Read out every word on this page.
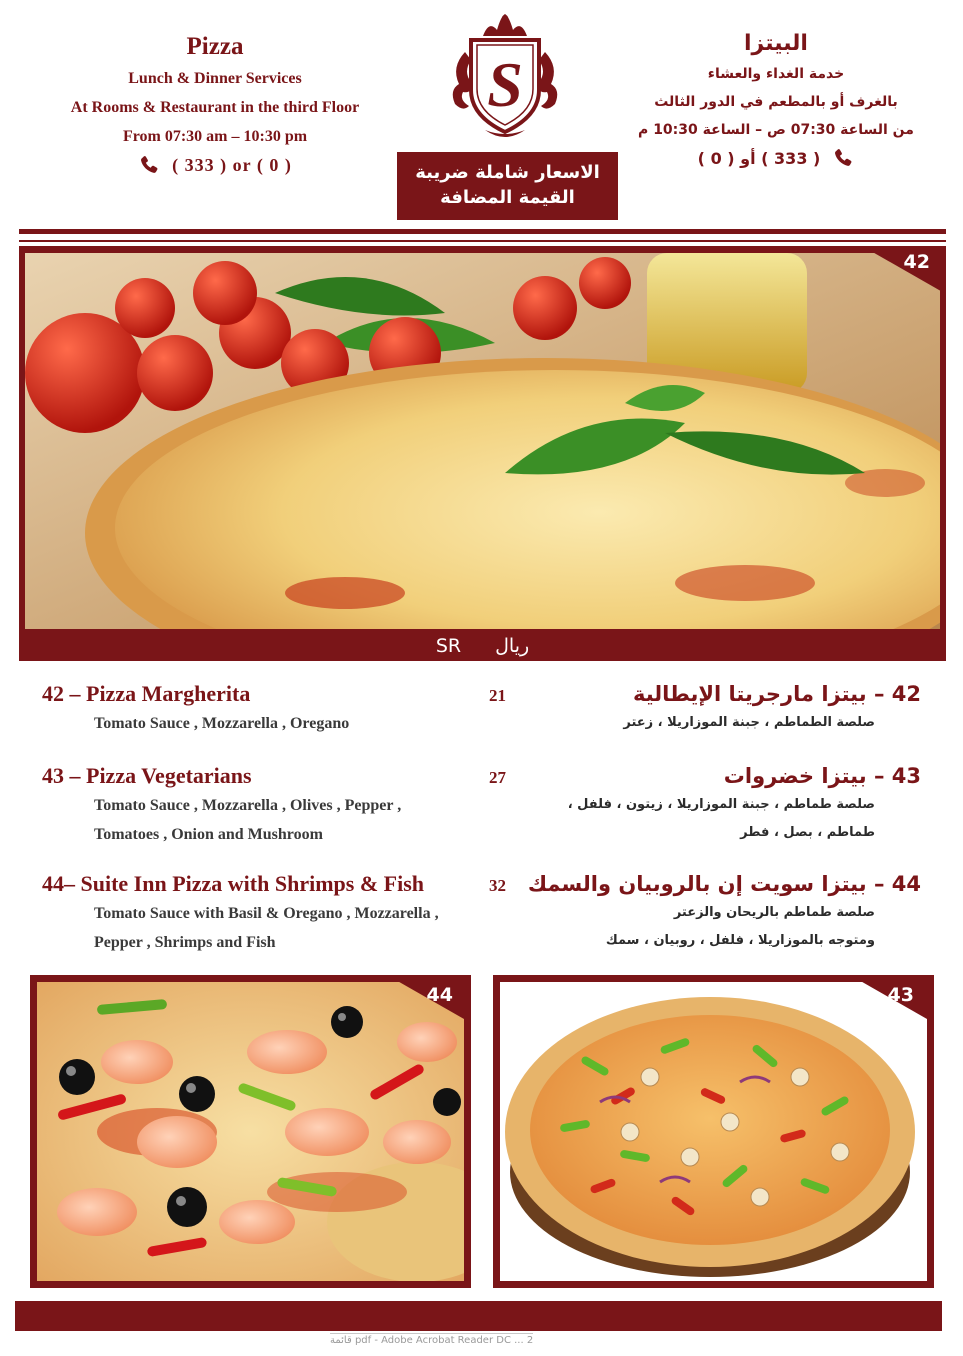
Pizza
Lunch & Dinner Services
At Rooms & Restaurant in the third Floor
From 07:30 am – 10:30 pm
( 333 ) or ( 0 )
S
الاسعار شاملة ضريبة
القيمة المضافة
البيتزا
خدمة الغداء والعشاء
بالغرف أو بالمطعم في الدور الثالث
من الساعة 07:30 ص – الساعة 10:30 م
( 333 ) أو ( 0 )
42
SR ريال
42 – Pizza Margherita
Tomato Sauce , Mozzarella , Oregano
21	42 – بيتزا مارجريتا الإيطالية
صلصة الطماطم ، جبنة الموزاريلا ، زعتر
43 – Pizza Vegetarians
Tomato Sauce , Mozzarella , Olives , Pepper ,
Tomatoes , Onion and Mushroom
27	43 – بيتزا خضروات
صلصة طماطم ، جبنة الموزاريلا ، زيتون ، فلفل ،
طماطم ، بصل ، فطر
44– Suite Inn Pizza with Shrimps & Fish
Tomato Sauce with Basil & Oregano , Mozzarella ,
Pepper , Shrimps and Fish
32	44 – بيتزا سويت إن بالروبيان والسمك
صلصة طماطم بالريحان والزعتر
ومتوجه بالموزاريلا ، فلفل ، روبيان ، سمك
44	43
قائمة pdf - Adobe Acrobat Reader DC ... 2
